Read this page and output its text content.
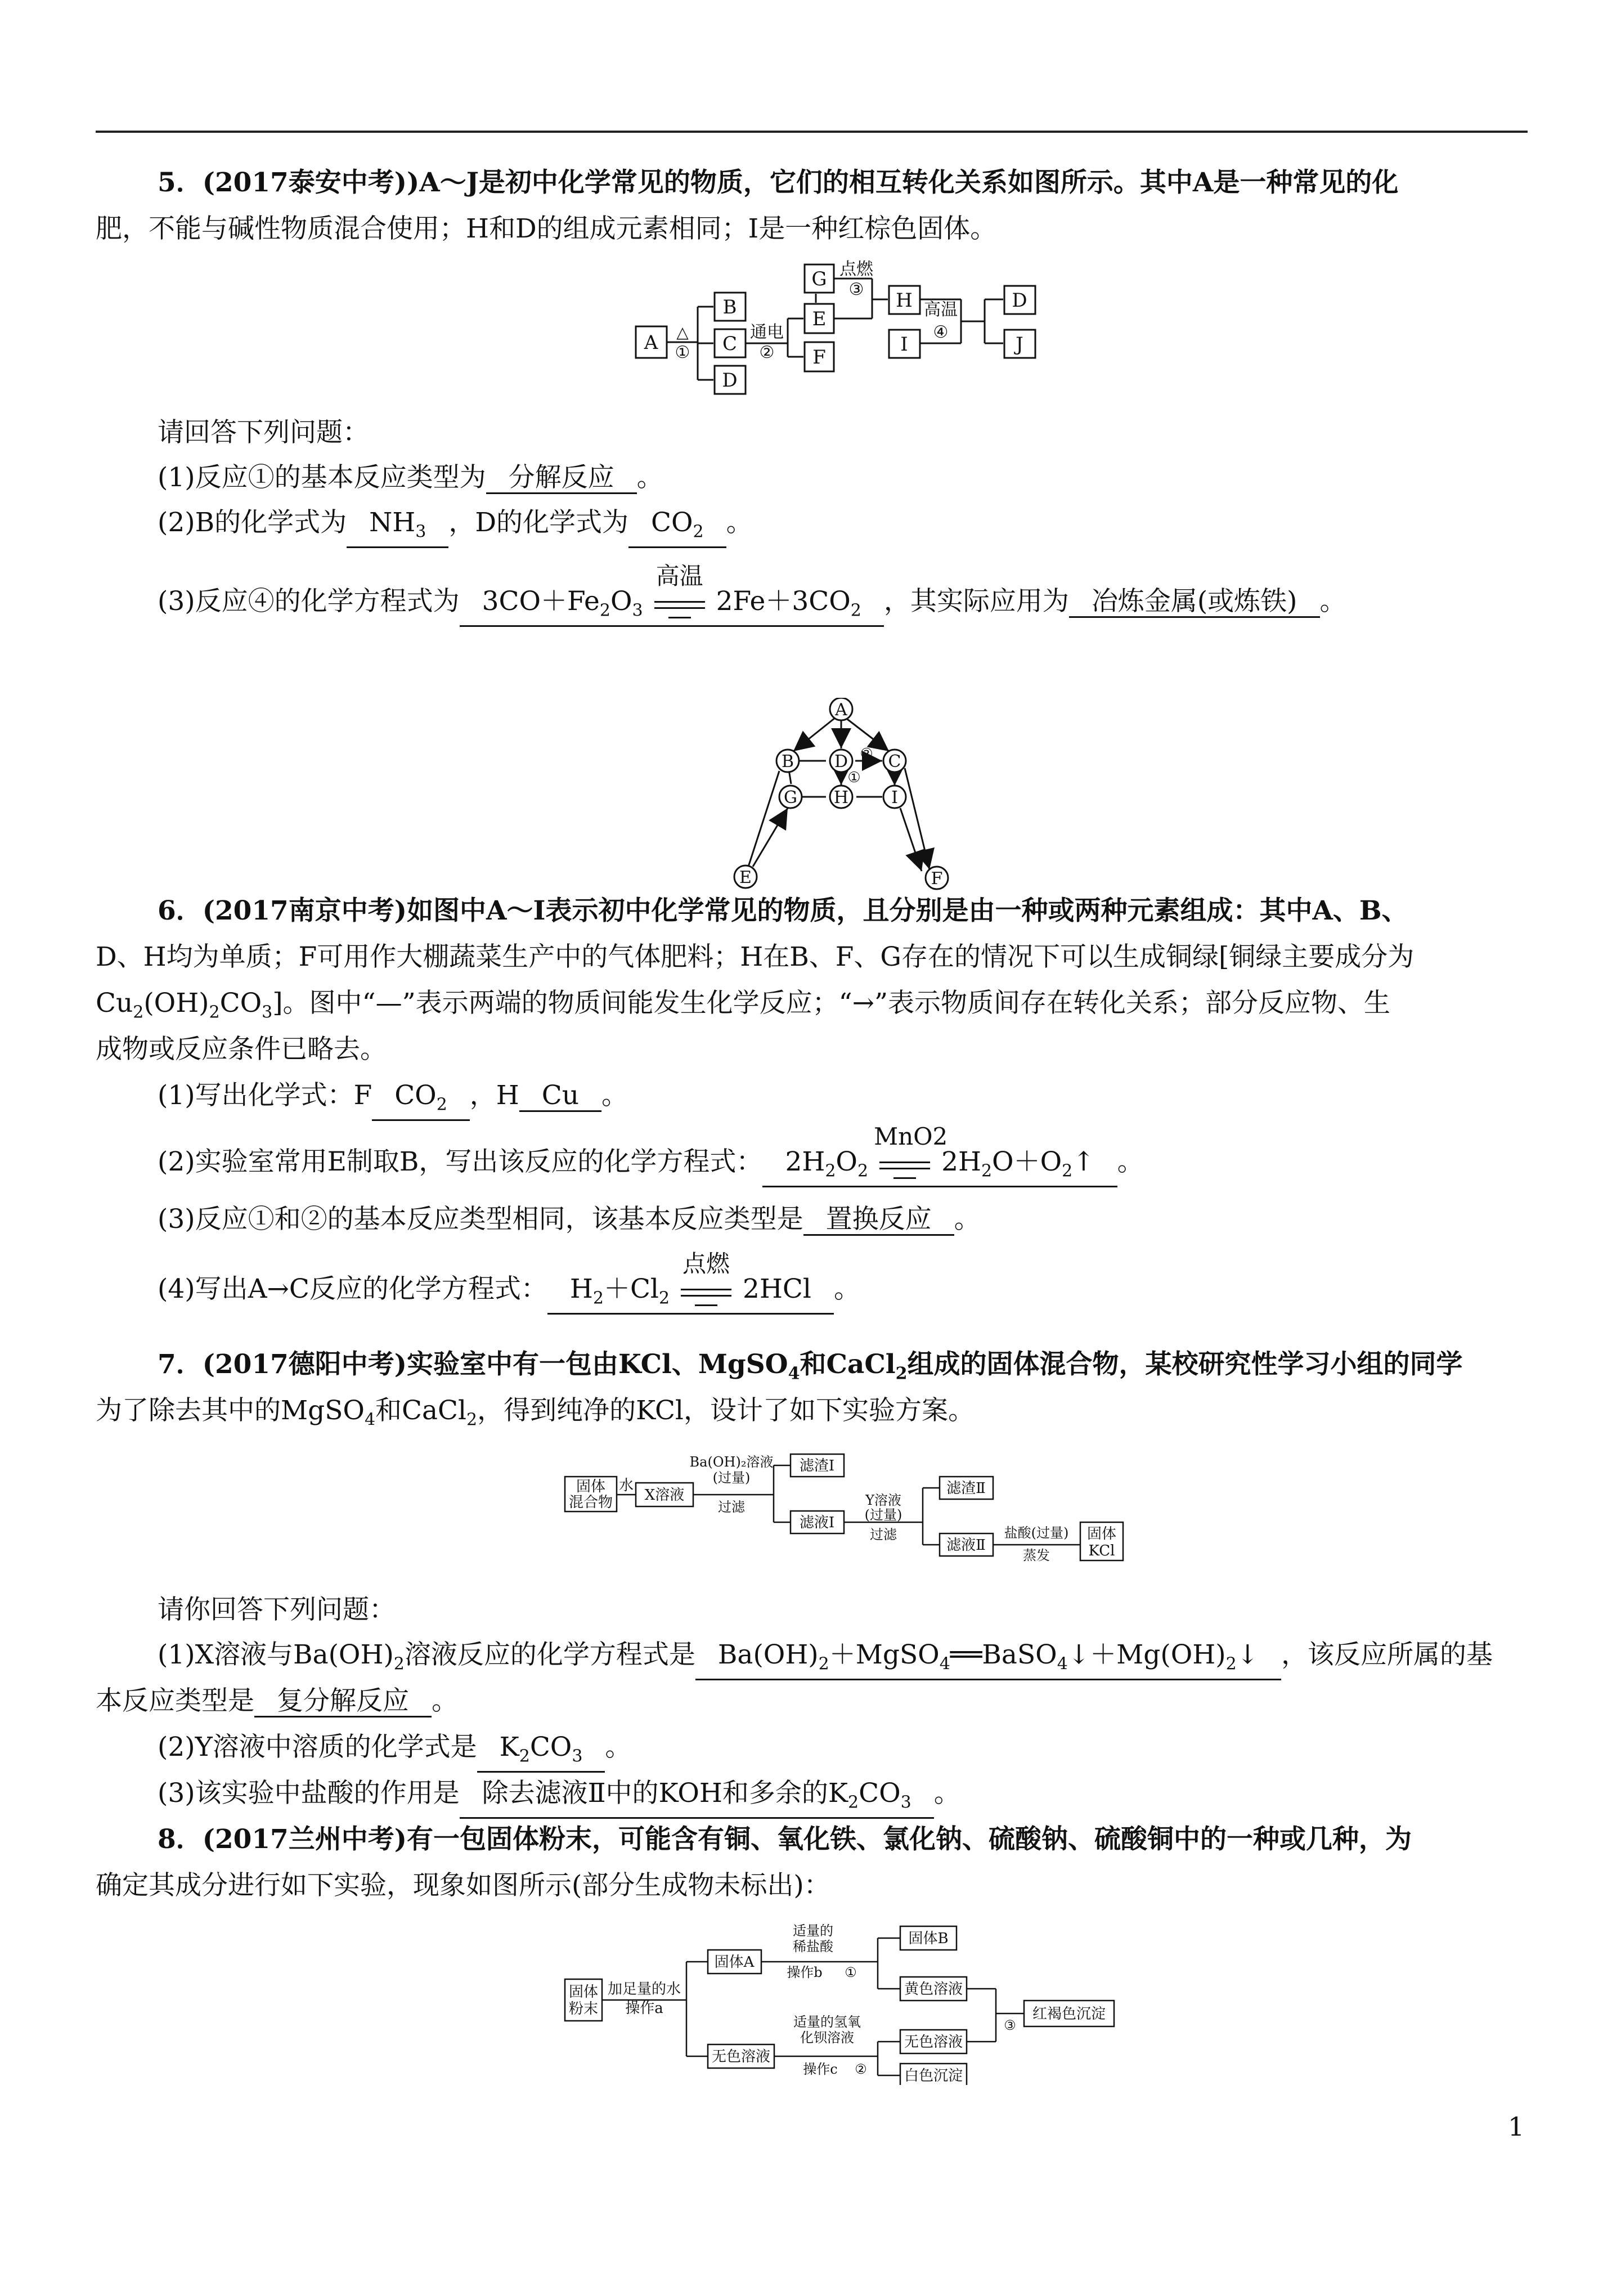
5．(2017泰安中考))A～J是初中化学常见的物质，它们的相互转化关系如图所示。其中A是一种常见的化
肥，不能与碱性物质混合使用；H和D的组成元素相同；I是一种红棕色固体。
A
B
C
D
G
E
F
H
I
D
J
△
①
通电
②
点燃
③
高温
④
请回答下列问题：
(1)反应①的基本反应类型为 分解反应 。
(2)B的化学式为 $NH_3$ ，D的化学式为 $CO_2$ 。
(3)反应④的化学方程式为 $3CO+Fe_2O_3$
高温
$2Fe+3CO_2$ ，其实际应用为 冶炼金属(或炼铁) 。
A
B D C
G H	I
E	F
②
①
6．(2017南京中考)如图中A～I表示初中化学常见的物质，且分别是由一种或两种元素组成：其中A、B、
D、H均为单质；F可用作大棚蔬菜生产中的气体肥料；H在B、F、G存在的情况下可以生成铜绿[铜绿主要成分为
$Cu_2(OH)_2CO_3$]。图中“—”表示两端的物质间能发生化学反应；“→”表示物质间存在转化关系；部分反应物、生
成物或反应条件已略去。
(1)写出化学式：F $CO_2$ ，H Cu 。
(2)实验室常用E制取B，写出该反应的化学方程式： $2H_2O_2$
MnO2
$2H_2O+O_2↑$ 。
(3)反应①和②的基本反应类型相同，该基本反应类型是 置换反应 。
(4)写出A→C反应的化学方程式： $H_2+Cl_2$
点燃
2HCl 。
7．(2017德阳中考)实验室中有一包由KCl、MgSO$_4$和CaCl$_2$组成的固体混合物，某校研究性学习小组的同学
为了除去其中的MgSO$_4$和CaCl$_2$，得到纯净的KCl，设计了如下实验方案。
固体
混合物
水
X溶液
Ba(OH)₂溶液
(过量)
过滤
滤渣Ⅰ
滤液Ⅰ
Y溶液
(过量)
过滤
滤渣Ⅱ
滤液Ⅱ
盐酸(过量)
蒸发
固体
KCl
请你回答下列问题：
(1)X溶液与$Ba(OH)_2$溶液反应的化学方程式是 $Ba(OH)_2+MgSO_4══BaSO_4↓+Mg(OH)_2↓$ ，该反应所属的基
本反应类型是 复分解反应 。
(2)Y溶液中溶质的化学式是 $K_2CO_3$ 。
(3)该实验中盐酸的作用是 除去滤液Ⅱ中的KOH和多余的$K_2CO_3$ 。
8．(2017兰州中考)有一包固体粉末，可能含有铜、氧化铁、氯化钠、硫酸钠、硫酸铜中的一种或几种，为
确定其成分进行如下实验，现象如图所示(部分生成物未标出)：
固体
粉末
加足量的水
操作a
固体A
适量的
稀盐酸
操作b ①
固体B
黄色溶液
无色溶液
适量的氢氧
化钡溶液
操作c ②
无色溶液
白色沉淀
③
红褐色沉淀
1
